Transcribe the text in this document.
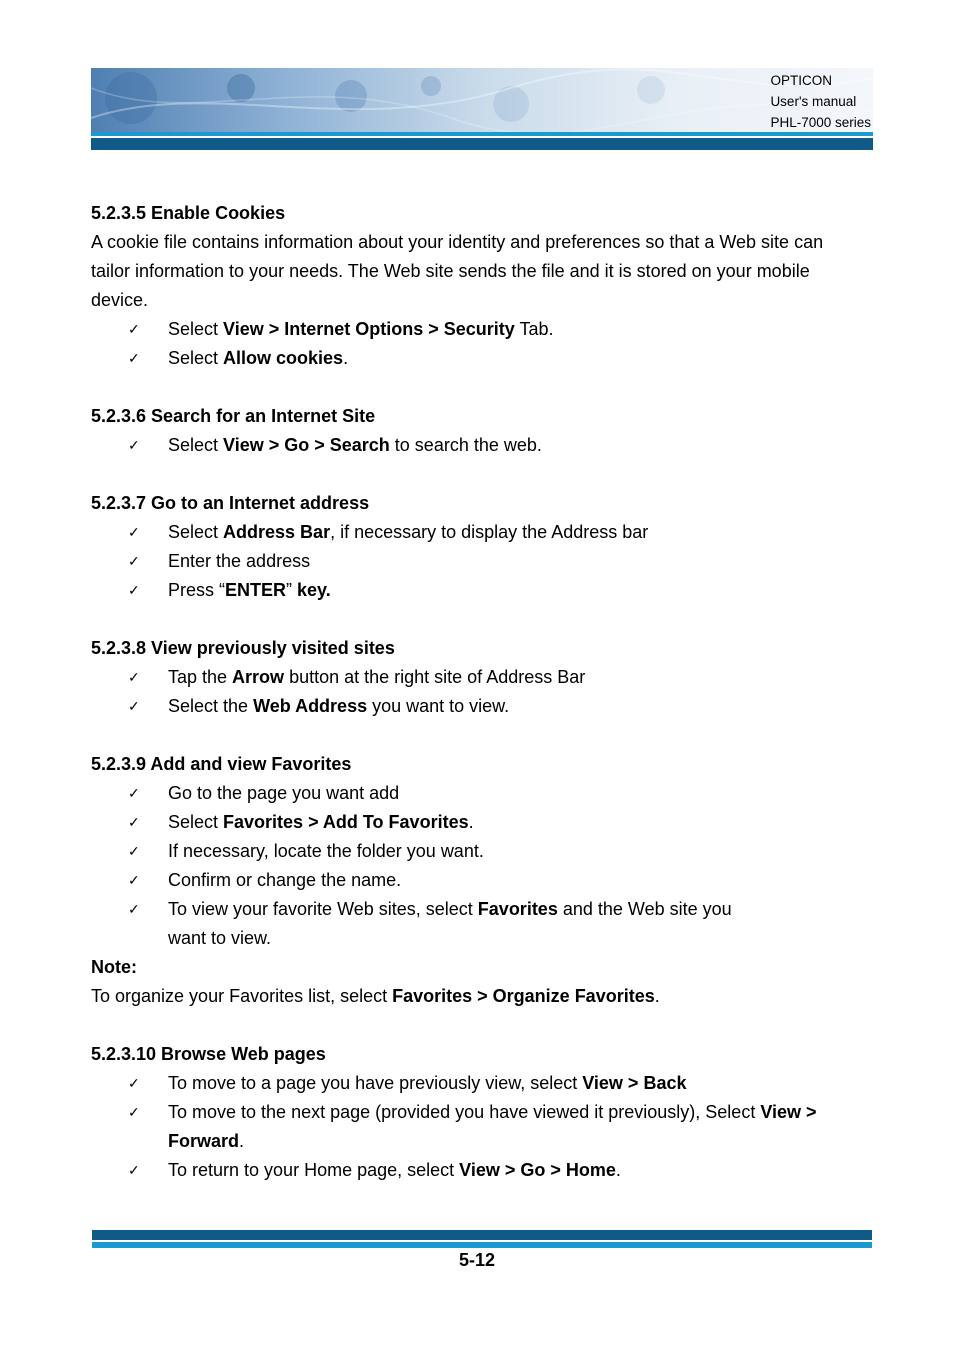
OPTICON
User's manual
PHL-7000 series
5.2.3.5 Enable Cookies
A cookie file contains information about your identity and preferences so that a Web site can
tailor information to your needs. The Web site sends the file and it is stored on your mobile
device.
✓ Select View > Internet Options > Security Tab.
✓ Select Allow cookies.
5.2.3.6 Search for an Internet Site
✓ Select View > Go > Search to search the web.
5.2.3.7 Go to an Internet address
✓ Select Address Bar, if necessary to display the Address bar
✓ Enter the address
✓ Press “ENTER” key.
5.2.3.8 View previously visited sites
✓ Tap the Arrow button at the right site of Address Bar
✓ Select the Web Address you want to view.
5.2.3.9 Add and view Favorites
✓ Go to the page you want add
✓ Select Favorites > Add To Favorites.
✓ If necessary, locate the folder you want.
✓ Confirm or change the name.
✓ To view your favorite Web sites, select Favorites and the Web site you
want to view.
Note:
To organize your Favorites list, select Favorites > Organize Favorites.
5.2.3.10 Browse Web pages
✓ To move to a page you have previously view, select View > Back
✓ To move to the next page (provided you have viewed it previously), Select View >
Forward.
✓ To return to your Home page, select View > Go > Home.
5-12
